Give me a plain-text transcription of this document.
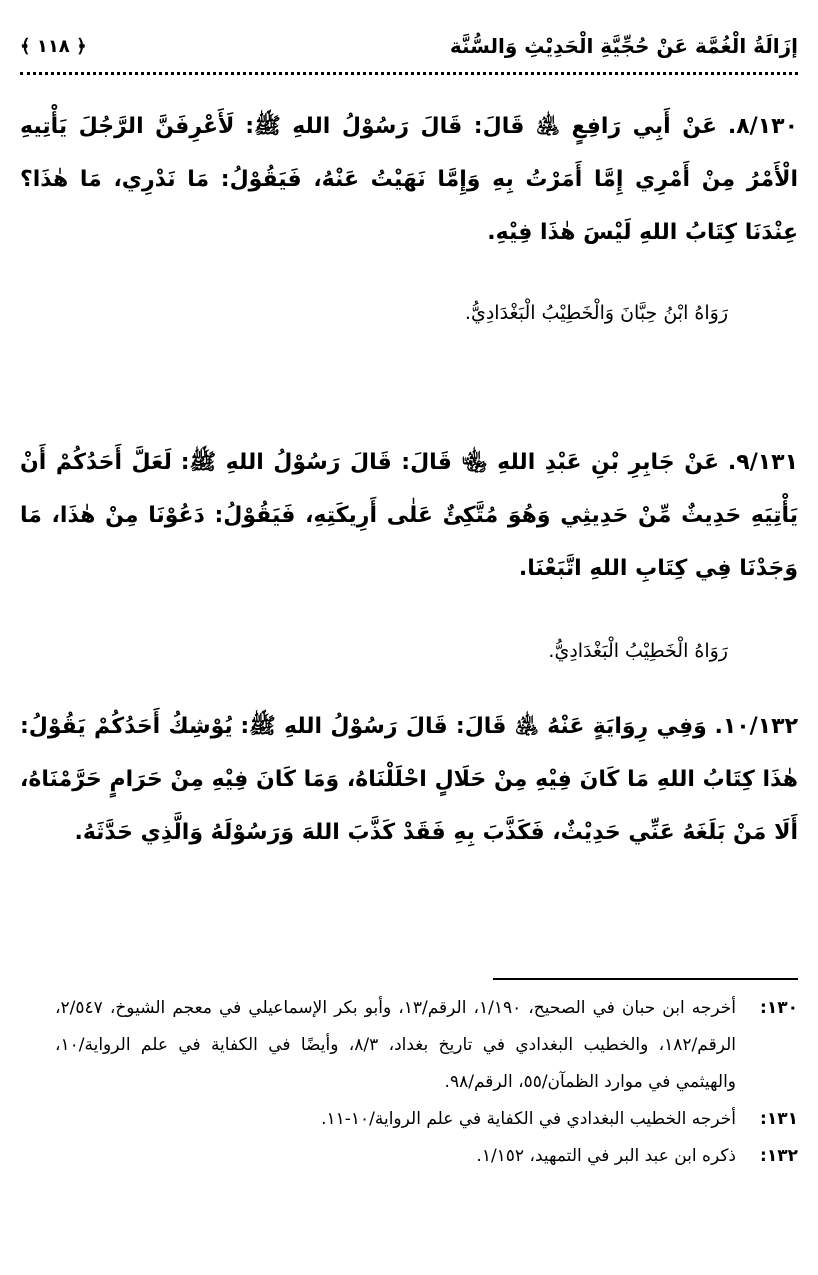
إزَالَةُ الْغُمَّة عَنْ حُجِّيَّةِ الْحَدِيْثِ وَالسُّنَّة
﴿ ١١٨ ﴾
٨/١٣٠. عَنْ أَبِي رَافِعٍ ﵁ قَالَ: قَالَ رَسُوْلُ اللهِ ﷺ: لَأَعْرِفَنَّ الرَّجُلَ يَأْتِيهِ الْأَمْرُ مِنْ أَمْرِي إِمَّا أَمَرْتُ بِهِ وَإِمَّا نَهَيْتُ عَنْهُ، فَيَقُوْلُ: مَا نَدْرِي، مَا هٰذَا؟ عِنْدَنَا كِتَابُ اللهِ لَيْسَ هٰذَا فِيْهِ.
رَوَاهُ ابْنُ حِبَّانَ وَالْخَطِيْبُ الْبَغْدَادِيُّ.
٩/١٣١. عَنْ جَابِرِ بْنِ عَبْدِ اللهِ ﵄ قَالَ: قَالَ رَسُوْلُ اللهِ ﷺ: لَعَلَّ أَحَدُكُمْ أَنْ يَأْتِيَهِ حَدِيثٌ مِّنْ حَدِيثِي وَهُوَ مُتَّكِئٌ عَلٰى أَرِيكَتِهِ، فَيَقُوْلُ: دَعُوْنَا مِنْ هٰذَا، مَا وَجَدْنَا فِي كِتَابِ اللهِ اتَّبَعْنَا.
رَوَاهُ الْخَطِيْبُ الْبَغْدَادِيُّ.
١٠/١٣٢. وَفِي رِوَايَةٍ عَنْهُ ﵁ قَالَ: قَالَ رَسُوْلُ اللهِ ﷺ: يُوْشِكُ أَحَدُكُمْ يَقُوْلُ: هٰذَا كِتَابُ اللهِ مَا كَانَ فِيْهِ مِنْ حَلَالٍ احْلَلْنَاهُ، وَمَا كَانَ فِيْهِ مِنْ حَرَامٍ حَرَّمْنَاهُ، أَلَا مَنْ بَلَغَهُ عَنِّي حَدِيْثٌ، فَكَذَّبَ بِهِ فَقَدْ كَذَّبَ اللهَ وَرَسُوْلَهُ وَالَّذِي حَدَّثَهُ.
١٣٠:
أخرجه ابن حبان في الصحيح، ١/١٩٠، الرقم/١٣، وأبو بكر الإسماعيلي في معجم الشيوخ، ٢/٥٤٧، الرقم/١٨٢، والخطيب البغدادي في تاريخ بغداد، ٨/٣، وأيضًا في الكفاية في علم الرواية/١٠، والهيثمي في موارد الظمآن/٥٥، الرقم/٩٨.
١٣١:
أخرجه الخطيب البغدادي في الكفاية في علم الرواية/١٠-١١.
١٣٢:
ذكره ابن عبد البر في التمهيد، ١/١٥٢.
